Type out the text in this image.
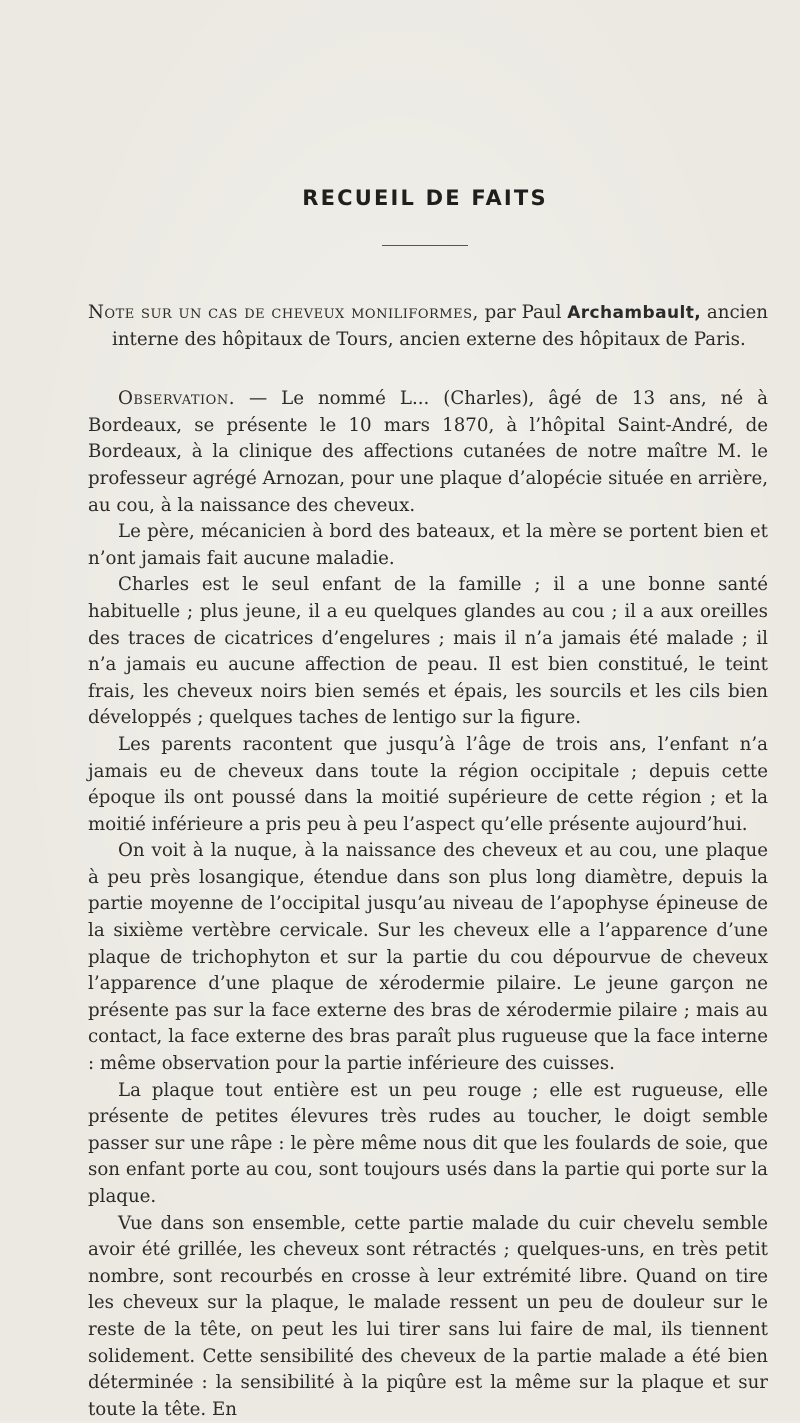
RECUEIL DE FAITS

Note sur un cas de cheveux moniliformes, par Paul Archambault, ancien interne des hôpitaux de Tours, ancien externe des hôpitaux de Paris.

Observation. — Le nommé L... (Charles), âgé de 13 ans, né à Bordeaux, se présente le 10 mars 1870, à l’hôpital Saint-André, de Bordeaux, à la clinique des affections cutanées de notre maître M. le professeur agrégé Arnozan, pour une plaque d’alopécie située en arrière, au cou, à la naissance des cheveux.

Le père, mécanicien à bord des bateaux, et la mère se portent bien et n’ont jamais fait aucune maladie.

Charles est le seul enfant de la famille ; il a une bonne santé habituelle ; plus jeune, il a eu quelques glandes au cou ; il a aux oreilles des traces de cicatrices d’engelures ; mais il n’a jamais été malade ; il n’a jamais eu aucune affection de peau. Il est bien constitué, le teint frais, les cheveux noirs bien semés et épais, les sourcils et les cils bien développés ; quelques taches de lentigo sur la figure.

Les parents racontent que jusqu’à l’âge de trois ans, l’enfant n’a jamais eu de cheveux dans toute la région occipitale ; depuis cette époque ils ont poussé dans la moitié supérieure de cette région ; et la moitié inférieure a pris peu à peu l’aspect qu’elle présente aujourd’hui.

On voit à la nuque, à la naissance des cheveux et au cou, une plaque à peu près losangique, étendue dans son plus long diamètre, depuis la partie moyenne de l’occipital jusqu’au niveau de l’apophyse épineuse de la sixième vertèbre cervicale. Sur les cheveux elle a l’apparence d’une plaque de trichophyton et sur la partie du cou dépourvue de cheveux l’apparence d’une plaque de xérodermie pilaire. Le jeune garçon ne présente pas sur la face externe des bras de xérodermie pilaire ; mais au contact, la face externe des bras paraît plus rugueuse que la face interne : même observation pour la partie inférieure des cuisses.

La plaque tout entière est un peu rouge ; elle est rugueuse, elle présente de petites élevures très rudes au toucher, le doigt semble passer sur une râpe : le père même nous dit que les foulards de soie, que son enfant porte au cou, sont toujours usés dans la partie qui porte sur la plaque.

Vue dans son ensemble, cette partie malade du cuir chevelu semble avoir été grillée, les cheveux sont rétractés ; quelques-uns, en très petit nombre, sont recourbés en crosse à leur extrémité libre. Quand on tire les cheveux sur la plaque, le malade ressent un peu de douleur sur le reste de la tête, on peut les lui tirer sans lui faire de mal, ils tiennent solidement. Cette sensibilité des cheveux de la partie malade a été bien déterminée : la sensibilité à la piqûre est la même sur la plaque et sur toute la tête. En
